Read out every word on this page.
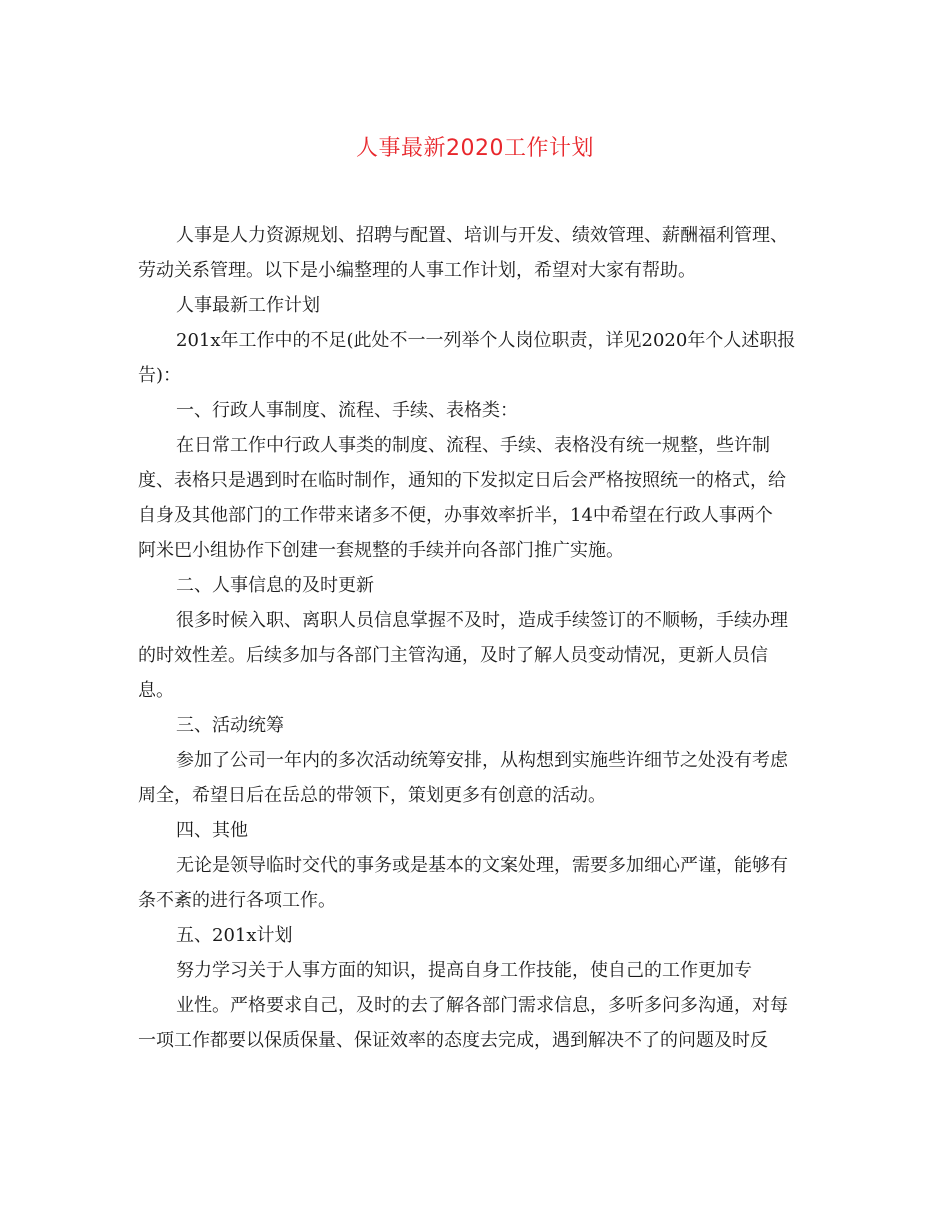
人事最新2020工作计划

人事是人力资源规划、招聘与配置、培训与开发、绩效管理、薪酬福利管理、

劳动关系管理。以下是小编整理的人事工作计划，希望对大家有帮助。

人事最新工作计划

201x年工作中的不足(此处不一一列举个人岗位职责，详见2020年个人述职报

告)：

一、行政人事制度、流程、手续、表格类：

在日常工作中行政人事类的制度、流程、手续、表格没有统一规整，些许制

度、表格只是遇到时在临时制作，通知的下发拟定日后会严格按照统一的格式，给

自身及其他部门的工作带来诸多不便，办事效率折半，14中希望在行政人事两个

阿米巴小组协作下创建一套规整的手续并向各部门推广实施。

二、人事信息的及时更新

很多时候入职、离职人员信息掌握不及时，造成手续签订的不顺畅，手续办理

的时效性差。后续多加与各部门主管沟通，及时了解人员变动情况，更新人员信

息。

三、活动统筹

参加了公司一年内的多次活动统筹安排，从构想到实施些许细节之处没有考虑

周全，希望日后在岳总的带领下，策划更多有创意的活动。

四、其他

无论是领导临时交代的事务或是基本的文案处理，需要多加细心严谨，能够有

条不紊的进行各项工作。

五、201x计划

努力学习关于人事方面的知识，提高自身工作技能，使自己的工作更加专

业性。严格要求自己，及时的去了解各部门需求信息，多听多问多沟通，对每

一项工作都要以保质保量、保证效率的态度去完成，遇到解决不了的问题及时反
